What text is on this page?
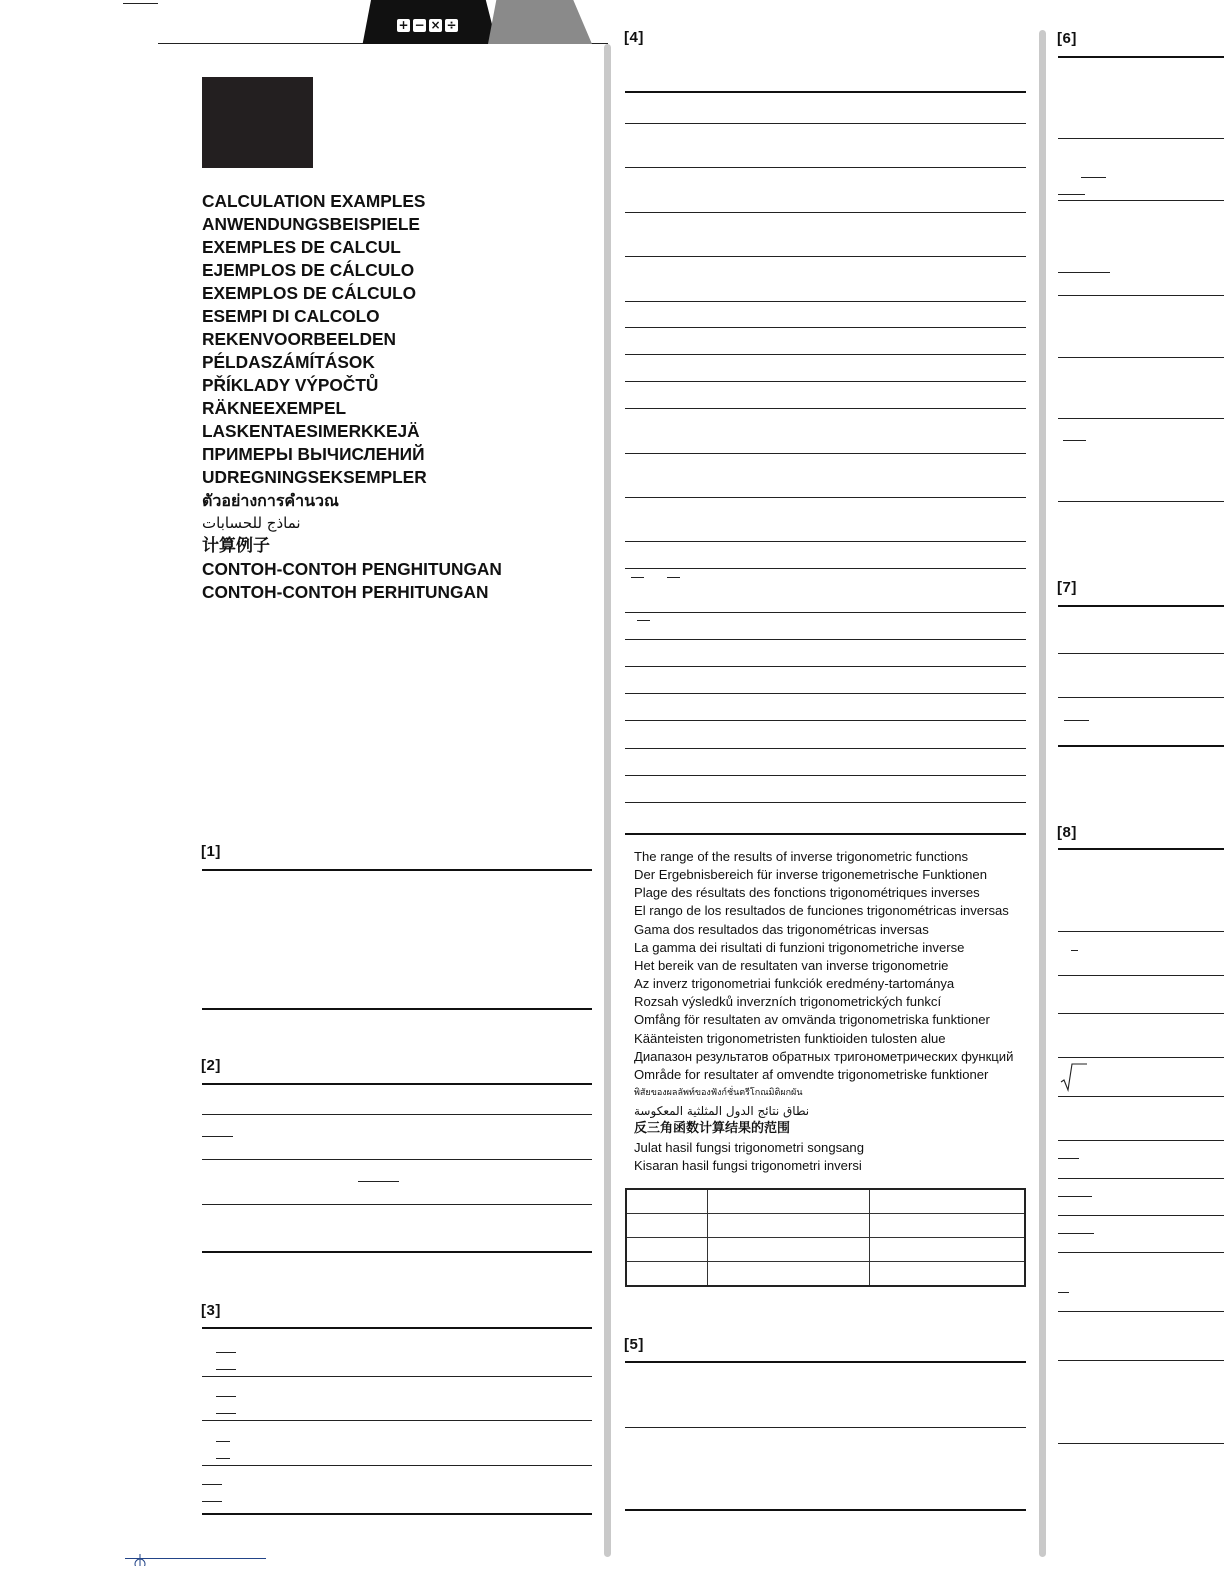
+ − × ÷
CALCULATION EXAMPLES
ANWENDUNGSBEISPIELE
EXEMPLES DE CALCUL
EJEMPLOS DE CÁLCULO
EXEMPLOS DE CÁLCULO
ESEMPI DI CALCOLO
REKENVOORBEELDEN
PÉLDASZÁMÍTÁSOK
PŘÍKLADY VÝPOČTŮ
RÄKNEEXEMPEL
LASKENTAESIMERKKEJÄ
ПРИМЕРЫ ВЫЧИСЛЕНИЙ
UDREGNINGSEKSEMPLER
ตัวอย่างการคำนวณ
نماذج للحسابات
计算例子
CONTOH-CONTOH PENGHITUNGAN
CONTOH-CONTOH PERHITUNGAN
[1]
[2]
[3]
[4]
The range of the results of inverse trigonometric functions
Der Ergebnisbereich für inverse trigonemetrische Funktionen
Plage des résultats des fonctions trigonométriques inverses
El rango de los resultados de funciones trigonométricas inversas
Gama dos resultados das trigonométricas inversas
La gamma dei risultati di funzioni trigonometriche inverse
Het bereik van de resultaten van inverse trigonometrie
Az inverz trigonometriai funkciók eredmény-tartománya
Rozsah výsledků inverzních trigonometrických funkcí
Omfång för resultaten av omvända trigonometriska funktioner
Käänteisten trigonometristen funktioiden tulosten alue
Диапазон результатов обратных тригонометрических функций
Område for resultater af omvendte trigonometriske funktioner
พิสัยของผลลัพท์ของฟังก์ชั่นตรีโกณมิติผกผัน
نطاق نتائج الدول المثلثية المعكوسة
反三角函数计算结果的范围
Julat hasil fungsi trigonometri songsang
Kisaran hasil fungsi trigonometri inversi

[5]
[6]
[7]
[8]
